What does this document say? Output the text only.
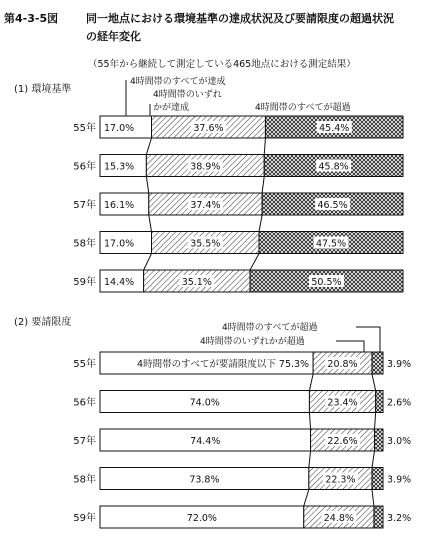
第4-3-5図	同一地点における環境基準の達成状況及び要請限度の超過状況
の経年変化
（55年から継続して測定している465地点における測定結果）
(1) 環境基準
4時間帯のすべてが達成
4時間帯のいずれ
かが達成	4時間帯のすべてが超過
(2) 要請限度	4時間帯のすべてが超過
4時間帯のいずれかが超過
55年 17.0%	37.6%	45.4%
56年 15.3%	38.9%	45.8%
57年 16.1%	37.4%	46.5%
58年 17.0%	35.5%	47.5%
59年 14.4%	35.1%	50.5%
55年	4時間帯のすべてが要請限度以下 75.3% 20.8%	3.9%
56年	74.0%	23.4%	2.6%
57年	74.4%	22.6%	3.0%
58年	73.8%	22.3%	3.9%
59年	72.0%	24.8%	3.2%
